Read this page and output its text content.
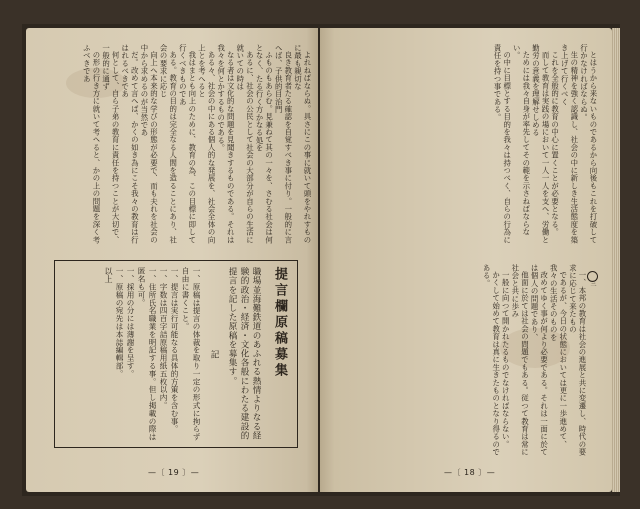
よれねばならぬ。具さにこの事に就いて頭をやれすものに最も親切な

良き教育者たる確認を自覚すべき事に付り。一般的に言へば、子供的目治門

ふものもあらむ。見兼ねて其の一々を、さむる社会は何となく、たる行く方かなる処を

あるに、社会の公民として社会の大部分が自らの生活に就いての時は

なる者は文化的な問題を見聞きするものである。それは我々を何とかするものである。

ある々、社会の中にある個人的な発展を、社会全体の向上とを考へると

我はまとも向上のために、教育の為、この目標に即して行くべきものであ

ある。教育の目的は完全なる人間を造ることにあり、社会の要求に応じ

向上へ本来的な学びの形態が必要で、而も夫れを社会の中から求めるのが当然であ

だ。改めて言へば、かくの如き為にこそ我々の教育は行はれるべきであ

何として、自ら子弟の教育に責任を持つことが大切で、一般的に通ず

の形の行き方に就いて考へると、かの上の問題を深く考ふべきであ

提言欄原稿募集
職場並海難鉄道のあふれる熱情よりなる経験的政治・経済・文化各般にわたる建設的提言を記した原稿を募集す。
記
一、原稿は提言の体裁を取り一定の形式に拘らず自由に書くこと。
一、提言は実行可能なる具体的方策を含む事。
一、字数は四百字詰原稿用紙五枚以内。
一、住所氏名職業を明記する事。但し掲載の際は匿名も可。
一、採用の分には薄謝を呈す。
一、原稿の宛先は本誌編輯部。
以上
—〔 19 〕—

とはうから来ないものであるから向後もこれを打破して行かなければならぬ。

生の精神を強く認識し、社会の中に新しき生活態度を築き上げて行くべく

これを全般的に教育の中心に置くことが必要となる。

而して教育は実践の場において一人一人を支へ、労働と勤労の意義を理解せしめる

ためには我々自身が率先してその範を示さねばならない。

の中に目標とする目的を我々は持つべく、自らの行為に責任を持つ事である。

三

一、本邦の教育は社会の進展と共に変遷し、時代の要求に応じて来たもの

であるが、今日の状態においては更に一歩進めて、我々の生活そのものを

改めてゆく事が何より必要である。それは一面に於ては個人の問題であり、

他面に於ては社会の問題でもある。従つて教育は常に社会と共に歩み

一般に向つて開かれたるものでなければならない。

かくして始めて教育は真に生きたものとなり得るのである。

—〔 18 〕—
